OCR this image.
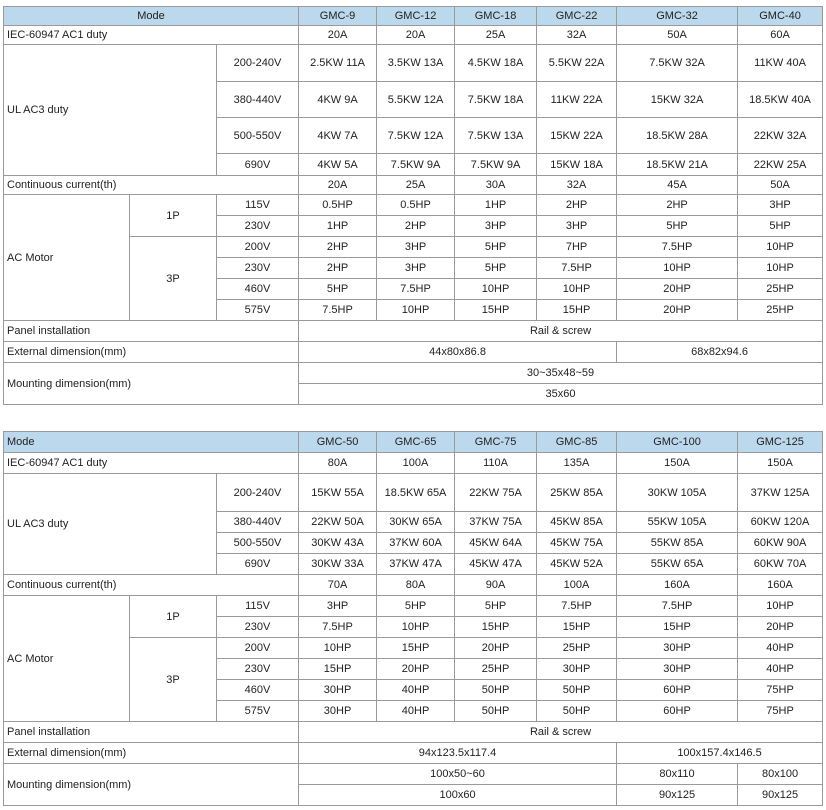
Mode			GMC-9	GMC-12	GMC-18	GMC-22	GMC-32	GMC-40
IEC-60947 AC1 duty			20A	20A	25A	32A	50A	60A
UL AC3 duty		200-240V	2.5KW 11A	3.5KW 13A	4.5KW 18A	5.5KW 22A	7.5KW 32A	11KW 40A
		380-440V	4KW 9A	5.5KW 12A	7.5KW 18A	11KW 22A	15KW 32A	18.5KW 40A
		500-550V	4KW 7A	7.5KW 12A	7.5KW 13A	15KW 22A	18.5KW 28A	22KW 32A
		690V	4KW 5A	7.5KW 9A	7.5KW 9A	15KW 18A	18.5KW 21A	22KW 25A
Continuous current(th)			20A	25A	30A	32A	45A	50A
AC Motor	1P	115V	0.5HP	0.5HP	1HP	2HP	2HP	3HP
		230V	1HP	2HP	3HP	3HP	5HP	5HP
	3P	200V	2HP	3HP	5HP	7HP	7.5HP	10HP
		230V	2HP	3HP	5HP	7.5HP	10HP	10HP
		460V	5HP	7.5HP	10HP	10HP	20HP	25HP
		575V	7.5HP	10HP	15HP	15HP	20HP	25HP
Panel installation			Rail & screw					
External dimension(mm)			44x80x86.8				68x82x94.6	
Mounting dimension(mm)			30~35x48~59					
			35x60					
Mode			GMC-50	GMC-65	GMC-75	GMC-85	GMC-100	GMC-125
IEC-60947 AC1 duty			80A	100A	110A	135A	150A	150A
UL AC3 duty		200-240V	15KW 55A	18.5KW 65A	22KW 75A	25KW 85A	30KW 105A	37KW 125A
		380-440V	22KW 50A	30KW 65A	37KW 75A	45KW 85A	55KW 105A	60KW 120A
		500-550V	30KW 43A	37KW 60A	45KW 64A	45KW 75A	55KW 85A	60KW 90A
		690V	30KW 33A	37KW 47A	45KW 47A	45KW 52A	55KW 65A	60KW 70A
Continuous current(th)			70A	80A	90A	100A	160A	160A
AC Motor	1P	115V	3HP	5HP	5HP	7.5HP	7.5HP	10HP
		230V	7.5HP	10HP	15HP	15HP	15HP	20HP
	3P	200V	10HP	15HP	20HP	25HP	30HP	40HP
		230V	15HP	20HP	25HP	30HP	30HP	40HP
		460V	30HP	40HP	50HP	50HP	60HP	75HP
		575V	30HP	40HP	50HP	50HP	60HP	75HP
Panel installation			Rail & screw					
External dimension(mm)			94x123.5x117.4				100x157.4x146.5	
Mounting dimension(mm)			100x50~60				80x110	80x100
			100x60				90x125	90x125
